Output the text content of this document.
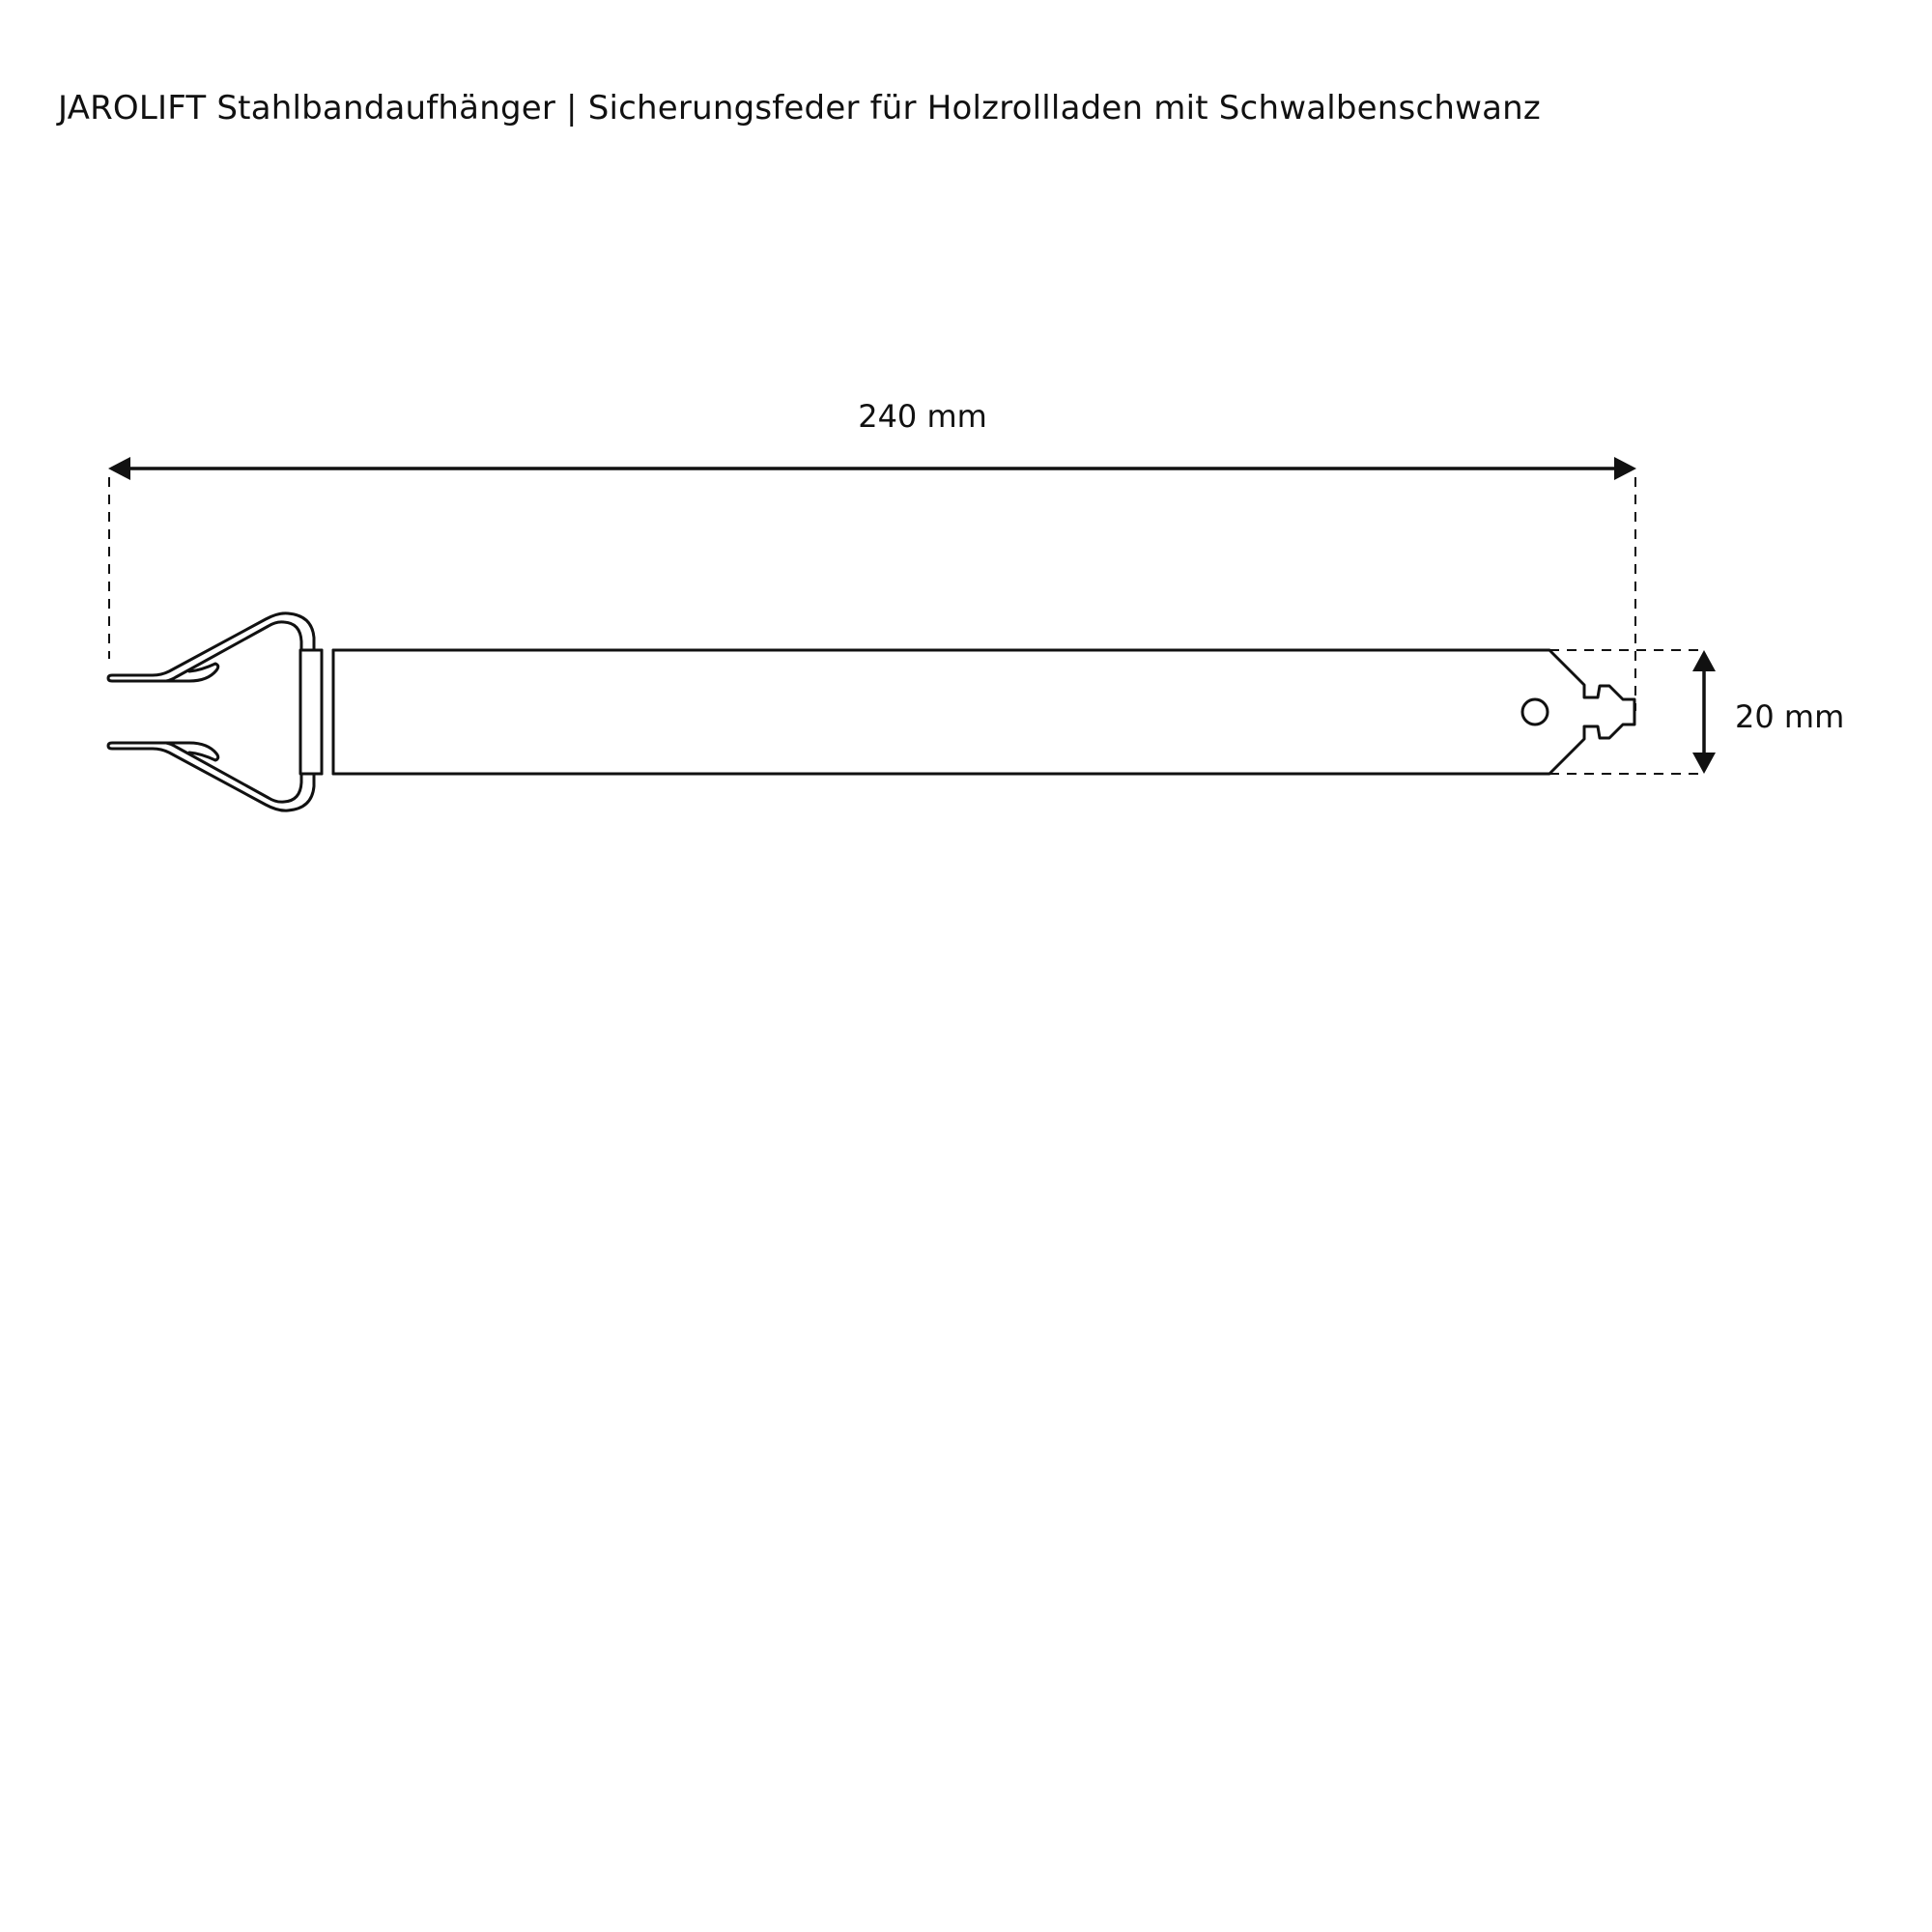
JAROLIFT Stahlbandaufhänger | Sicherungsfeder für Holzrollladen mit Schwalbenschwanz
240 mm
20 mm
